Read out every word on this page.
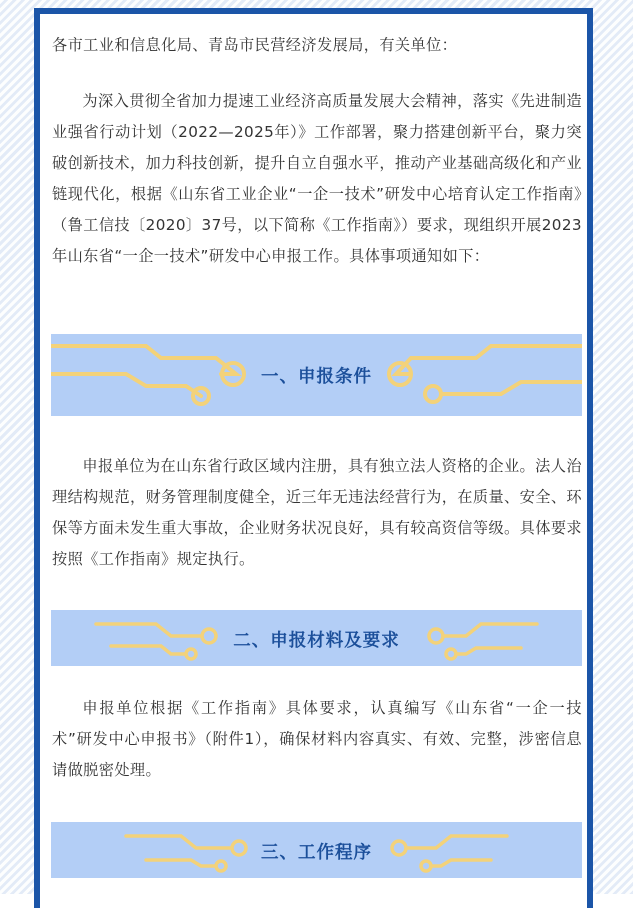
各市工业和信息化局、青岛市民营经济发展局，有关单位：

为深入贯彻全省加力提速工业经济高质量发展大会精神，落实《先进制造业强省行动计划（2022—2025年）》工作部署，聚力搭建创新平台，聚力突破创新技术，加力科技创新，提升自立自强水平，推动产业基础高级化和产业链现代化，根据《山东省工业企业“一企一技术”研发中心培育认定工作指南》（鲁工信技〔2020〕37号，以下简称《工作指南》）要求，现组织开展2023年山东省“一企一技术”研发中心申报工作。具体事项通知如下：

一、申报条件

申报单位为在山东省行政区域内注册，具有独立法人资格的企业。法人治理结构规范，财务管理制度健全，近三年无违法经营行为，在质量、安全、环保等方面未发生重大事故，企业财务状况良好，具有较高资信等级。具体要求按照《工作指南》规定执行。

二、申报材料及要求

申报单位根据《工作指南》具体要求，认真编写《山东省“一企一技术”研发中心申报书》（附件1），确保材料内容真实、有效、完整，涉密信息请做脱密处理。

三、工作程序
